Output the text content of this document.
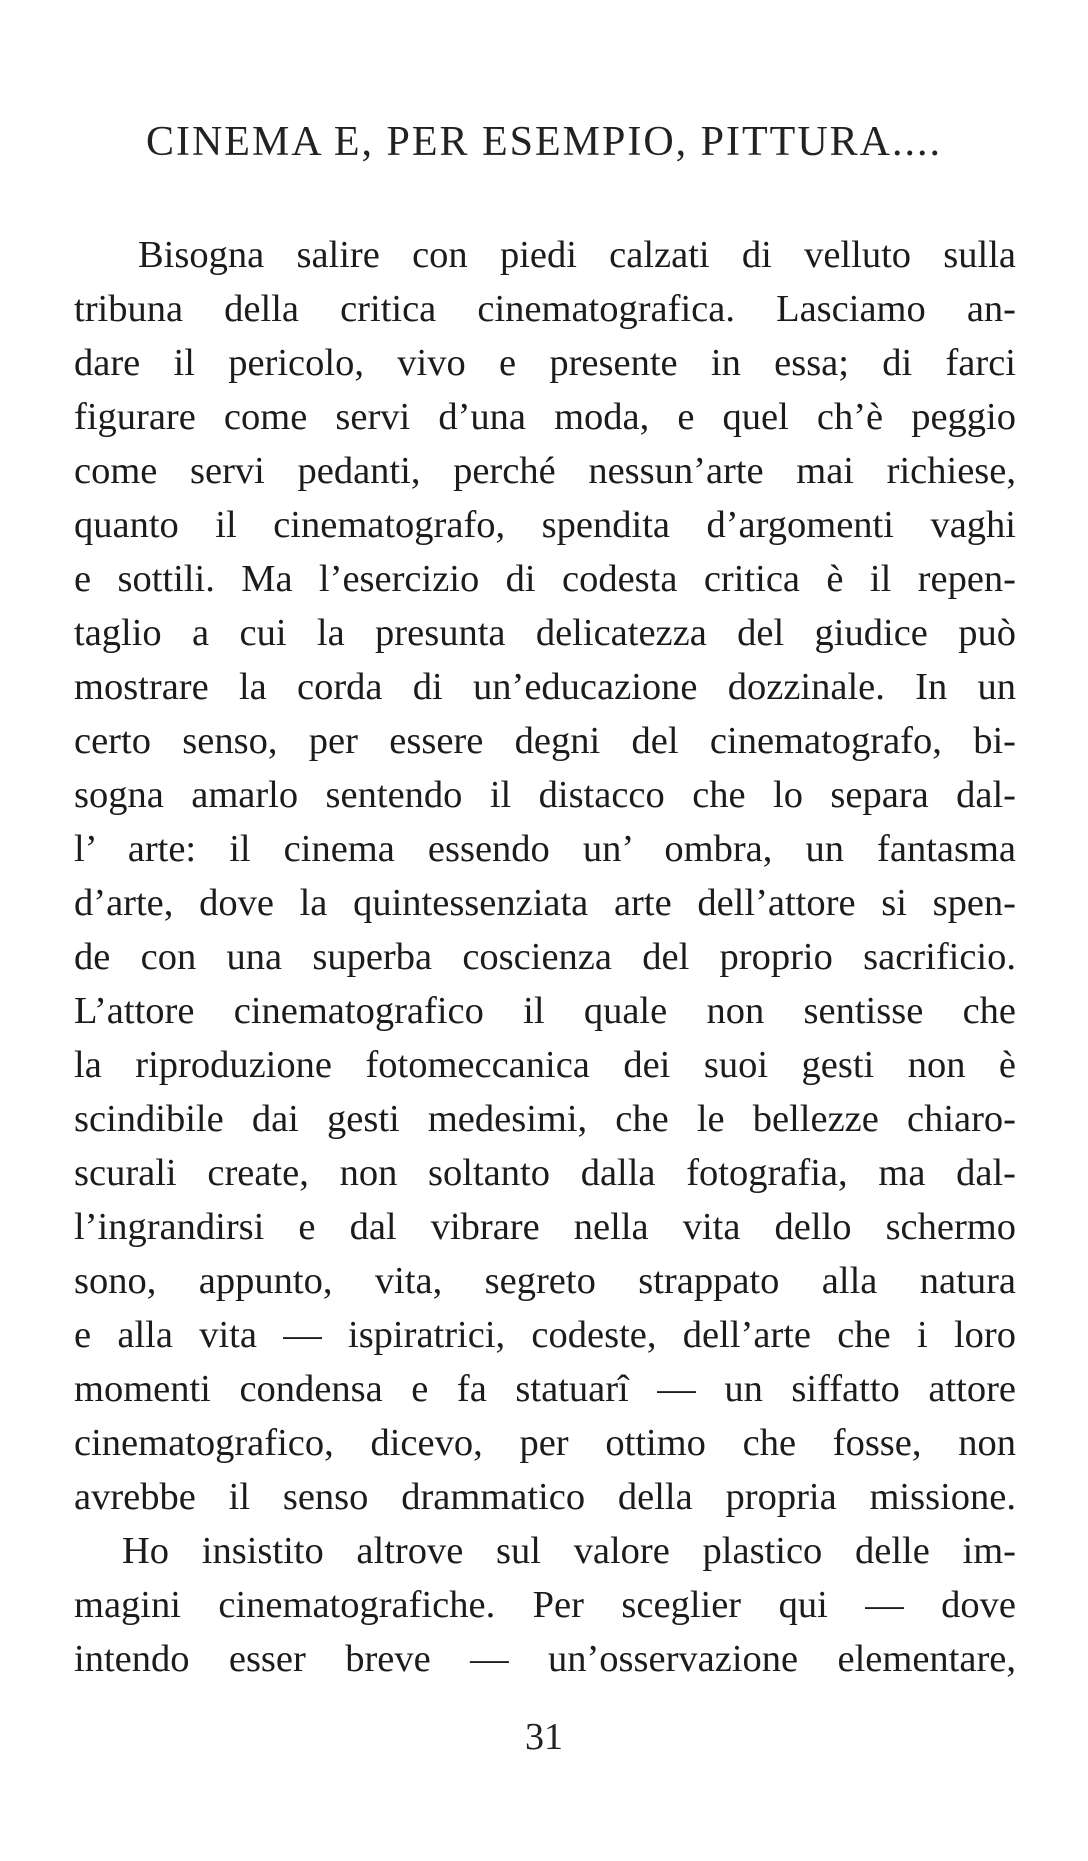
CINEMA E, PER ESEMPIO, PITTURA....
Bisogna salire con piedi calzati di velluto sulla
tribuna della critica cinematografica. Lasciamo an-
dare il pericolo, vivo e presente in essa; di farci
figurare come servi d’una moda, e quel ch’è peggio
come servi pedanti, perché nessun’arte mai richiese,
quanto il cinematografo, spendita d’argomenti vaghi
e sottili. Ma l’esercizio di codesta critica è il repen-
taglio a cui la presunta delicatezza del giudice può
mostrare la corda di un’educazione dozzinale. In un
certo senso, per essere degni del cinematografo, bi-
sogna amarlo sentendo il distacco che lo separa dal-
l’ arte: il cinema essendo un’ ombra, un fantasma
d’arte, dove la quintessenziata arte dell’attore si spen-
de con una superba coscienza del proprio sacrificio.
L’attore cinematografico il quale non sentisse che
la riproduzione fotomeccanica dei suoi gesti non è
scindibile dai gesti medesimi, che le bellezze chiaro-
scurali create, non soltanto dalla fotografia, ma dal-
l’ingrandirsi e dal vibrare nella vita dello schermo
sono, appunto, vita, segreto strappato alla natura
e alla vita — ispiratrici, codeste, dell’arte che i loro
momenti condensa e fa statuarî — un siffatto attore
cinematografico, dicevo, per ottimo che fosse, non
avrebbe il senso drammatico della propria missione.
Ho insistito altrove sul valore plastico delle im-
magini cinematografiche. Per sceglier qui — dove
intendo esser breve — un’osservazione elementare,
31
